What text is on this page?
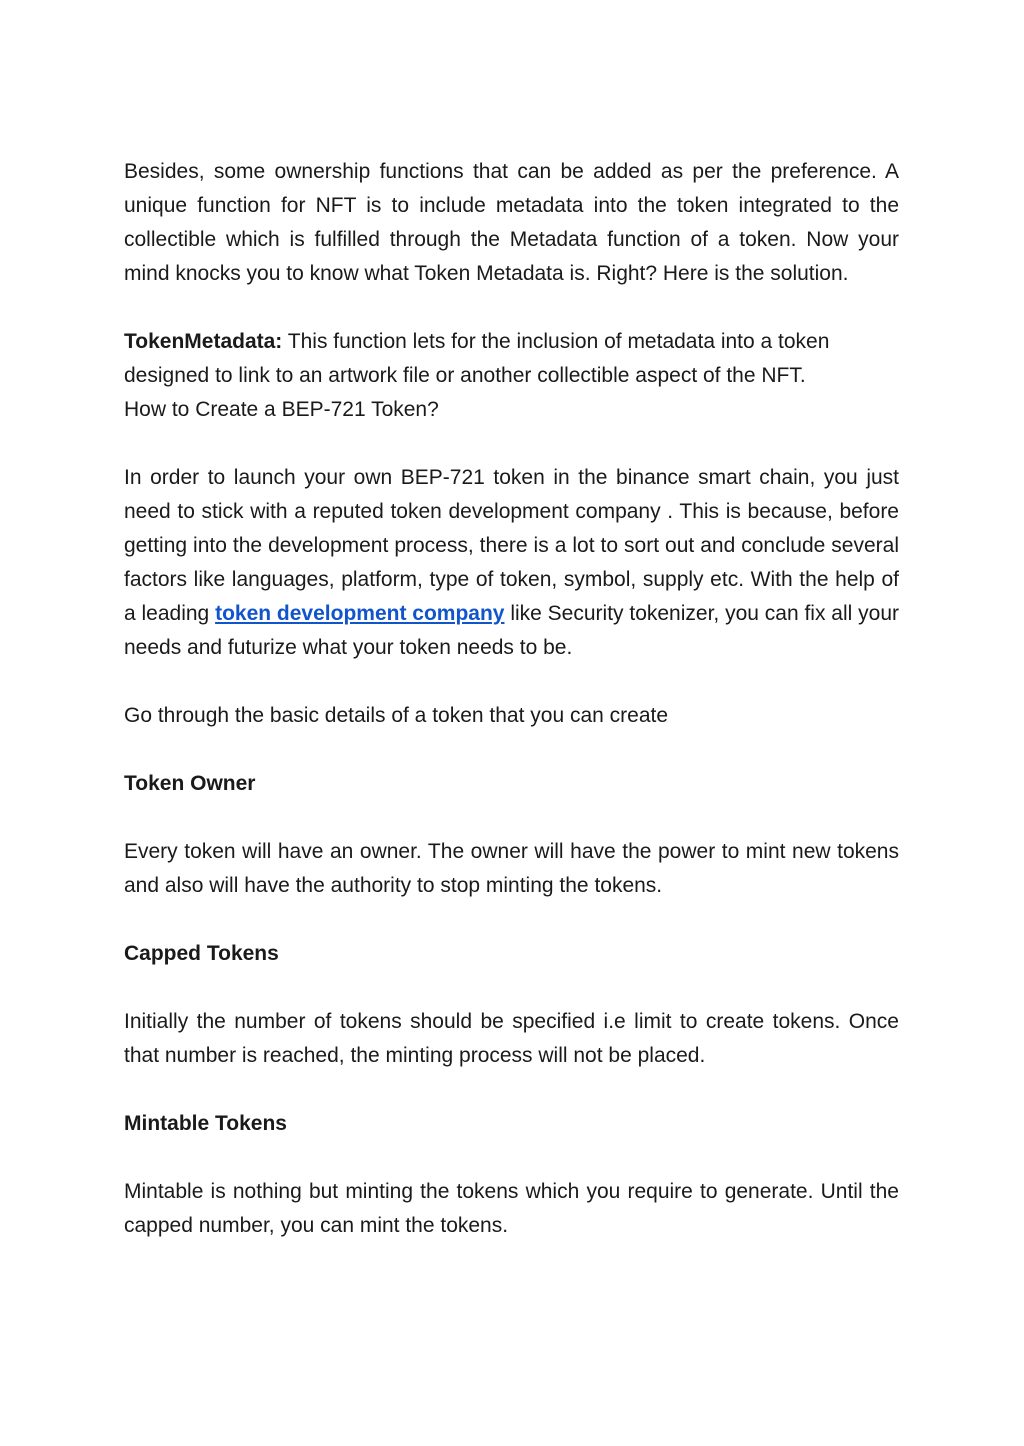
Besides, some ownership functions that can be added as per the preference. A unique function for NFT is to include metadata into the token integrated to the collectible which is fulfilled through the Metadata function of a token. Now your mind knocks you to know what Token Metadata is. Right? Here is the solution.

TokenMetadata: This function lets for the inclusion of metadata into a token designed to link to an artwork file or another collectible aspect of the NFT.
How to Create a BEP-721 Token?

In order to launch your own BEP-721 token in the binance smart chain, you just need to stick with a reputed token development company . This is because, before getting into the development process, there is a lot to sort out and conclude several factors like languages, platform, type of token, symbol, supply etc. With the help of a leading token development company like Security tokenizer, you can fix all your needs and futurize what your token needs to be.

Go through the basic details of a token that you can create

Token Owner

Every token will have an owner. The owner will have the power to mint new tokens and also will have the authority to stop minting the tokens.

Capped Tokens

Initially the number of tokens should be specified i.e limit to create tokens. Once that number is reached, the minting process will not be placed.

Mintable Tokens

Mintable is nothing but minting the tokens which you require to generate. Until the capped number, you can mint the tokens.
